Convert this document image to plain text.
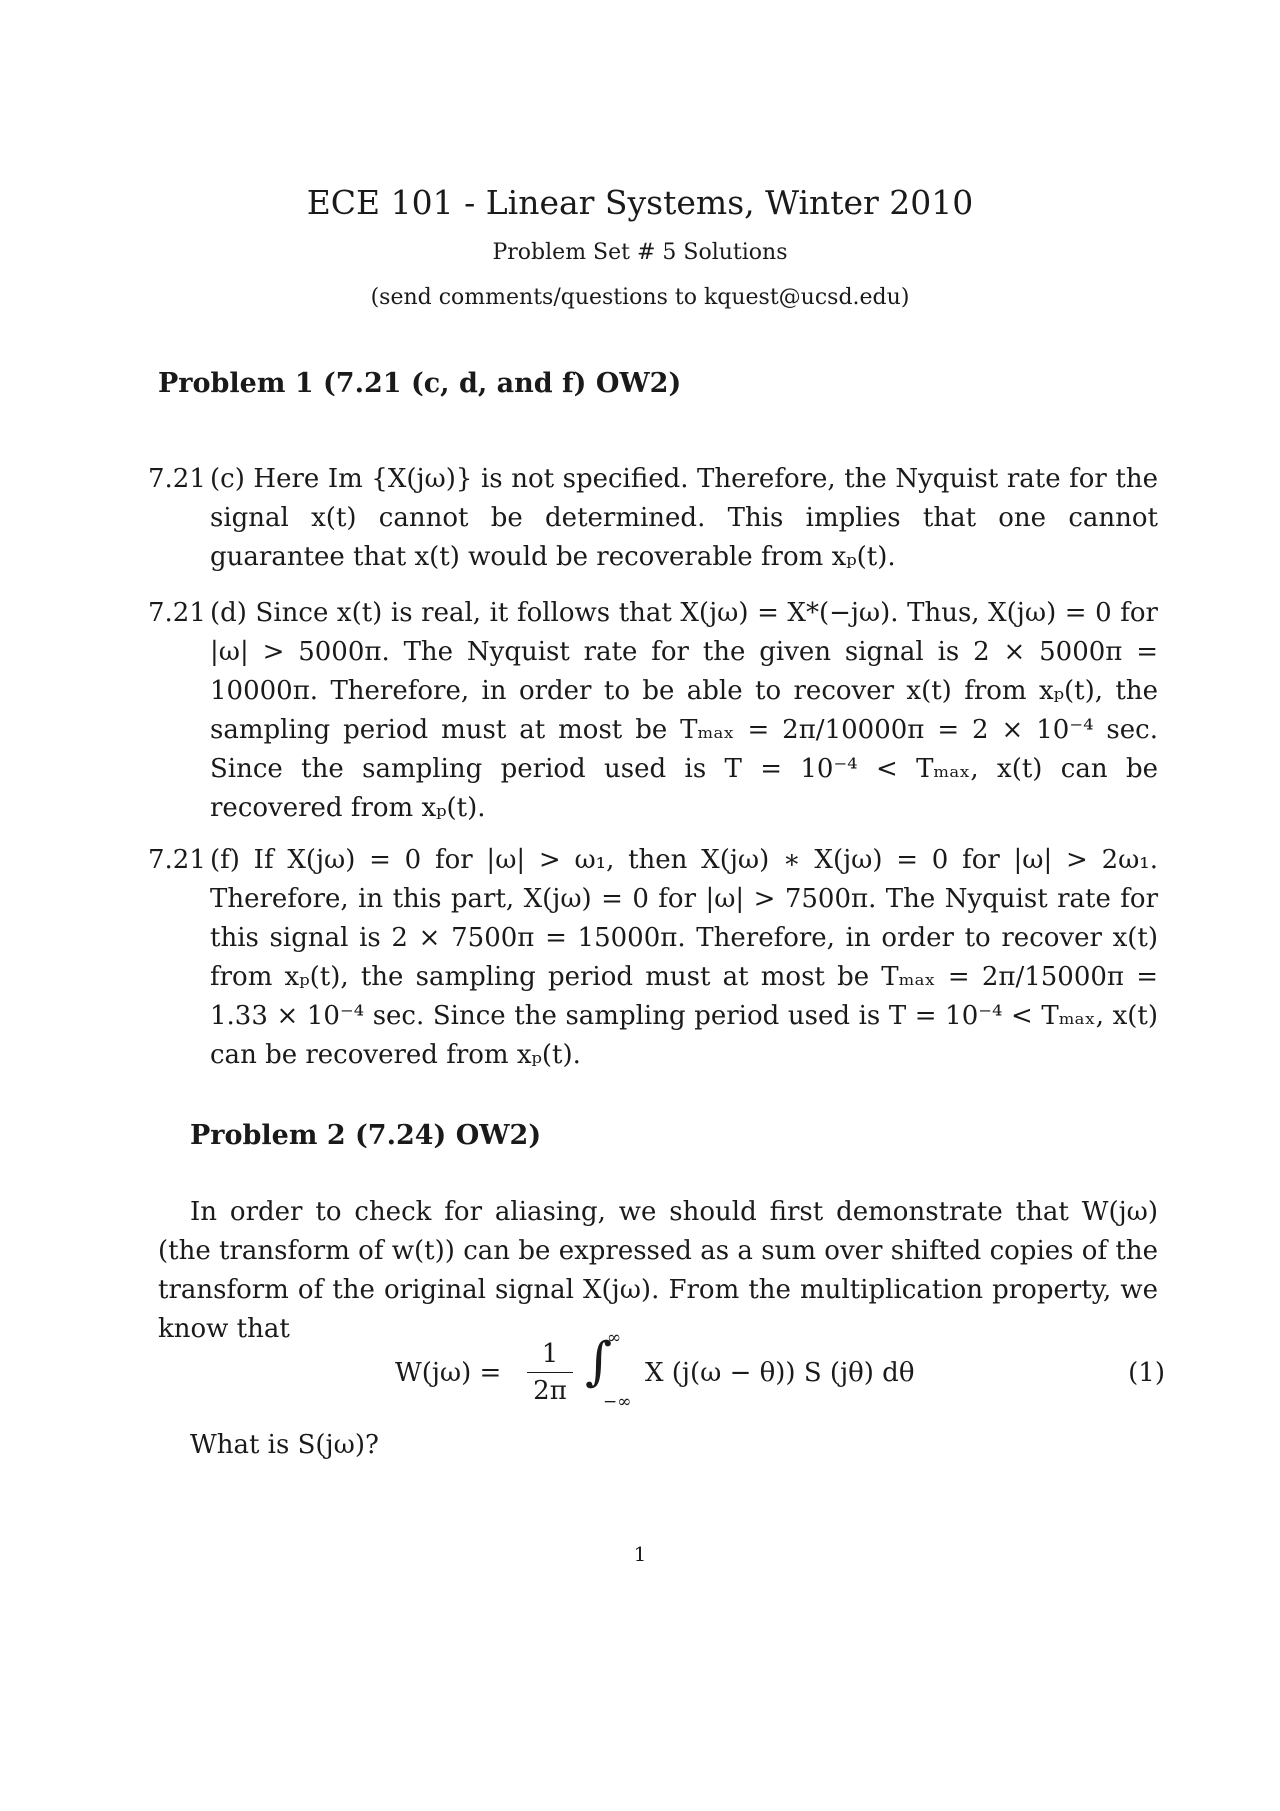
ECE 101 - Linear Systems, Winter 2010
Problem Set # 5 Solutions
(send comments/questions to kquest@ucsd.edu)
Problem 1 (7.21 (c, d, and f) OW2)
7.21 (c) Here Im {X(jω)} is not specified. Therefore, the Nyquist rate for the signal x(t) cannot be determined. This implies that one cannot guarantee that x(t) would be recoverable from xₚ(t).
7.21 (d) Since x(t) is real, it follows that X(jω) = X*(−jω). Thus, X(jω) = 0 for |ω| > 5000π. The Nyquist rate for the given signal is 2 × 5000π = 10000π. Therefore, in order to be able to recover x(t) from xₚ(t), the sampling period must at most be Tₘₐₓ = 2π/10000π = 2 × 10⁻⁴ sec. Since the sampling period used is T = 10⁻⁴ < Tₘₐₓ, x(t) can be recovered from xₚ(t).
7.21 (f) If X(jω) = 0 for |ω| > ω₁, then X(jω) ∗ X(jω) = 0 for |ω| > 2ω₁. Therefore, in this part, X(jω) = 0 for |ω| > 7500π. The Nyquist rate for this signal is 2 × 7500π = 15000π. Therefore, in order to recover x(t) from xₚ(t), the sampling period must at most be Tₘₐₓ = 2π/15000π = 1.33 × 10⁻⁴ sec. Since the sampling period used is T = 10⁻⁴ < Tₘₐₓ, x(t) can be recovered from xₚ(t).
Problem 2 (7.24) OW2)
In order to check for aliasing, we should first demonstrate that W(jω) (the transform of w(t)) can be expressed as a sum over shifted copies of the transform of the original signal X(jω). From the multiplication property, we know that
$W(j\omega) = \frac{1}{2\pi}$ ∫
∞
−∞
X (j(ω − θ)) S (jθ) dθ	(1)
What is S(jω)?
1
